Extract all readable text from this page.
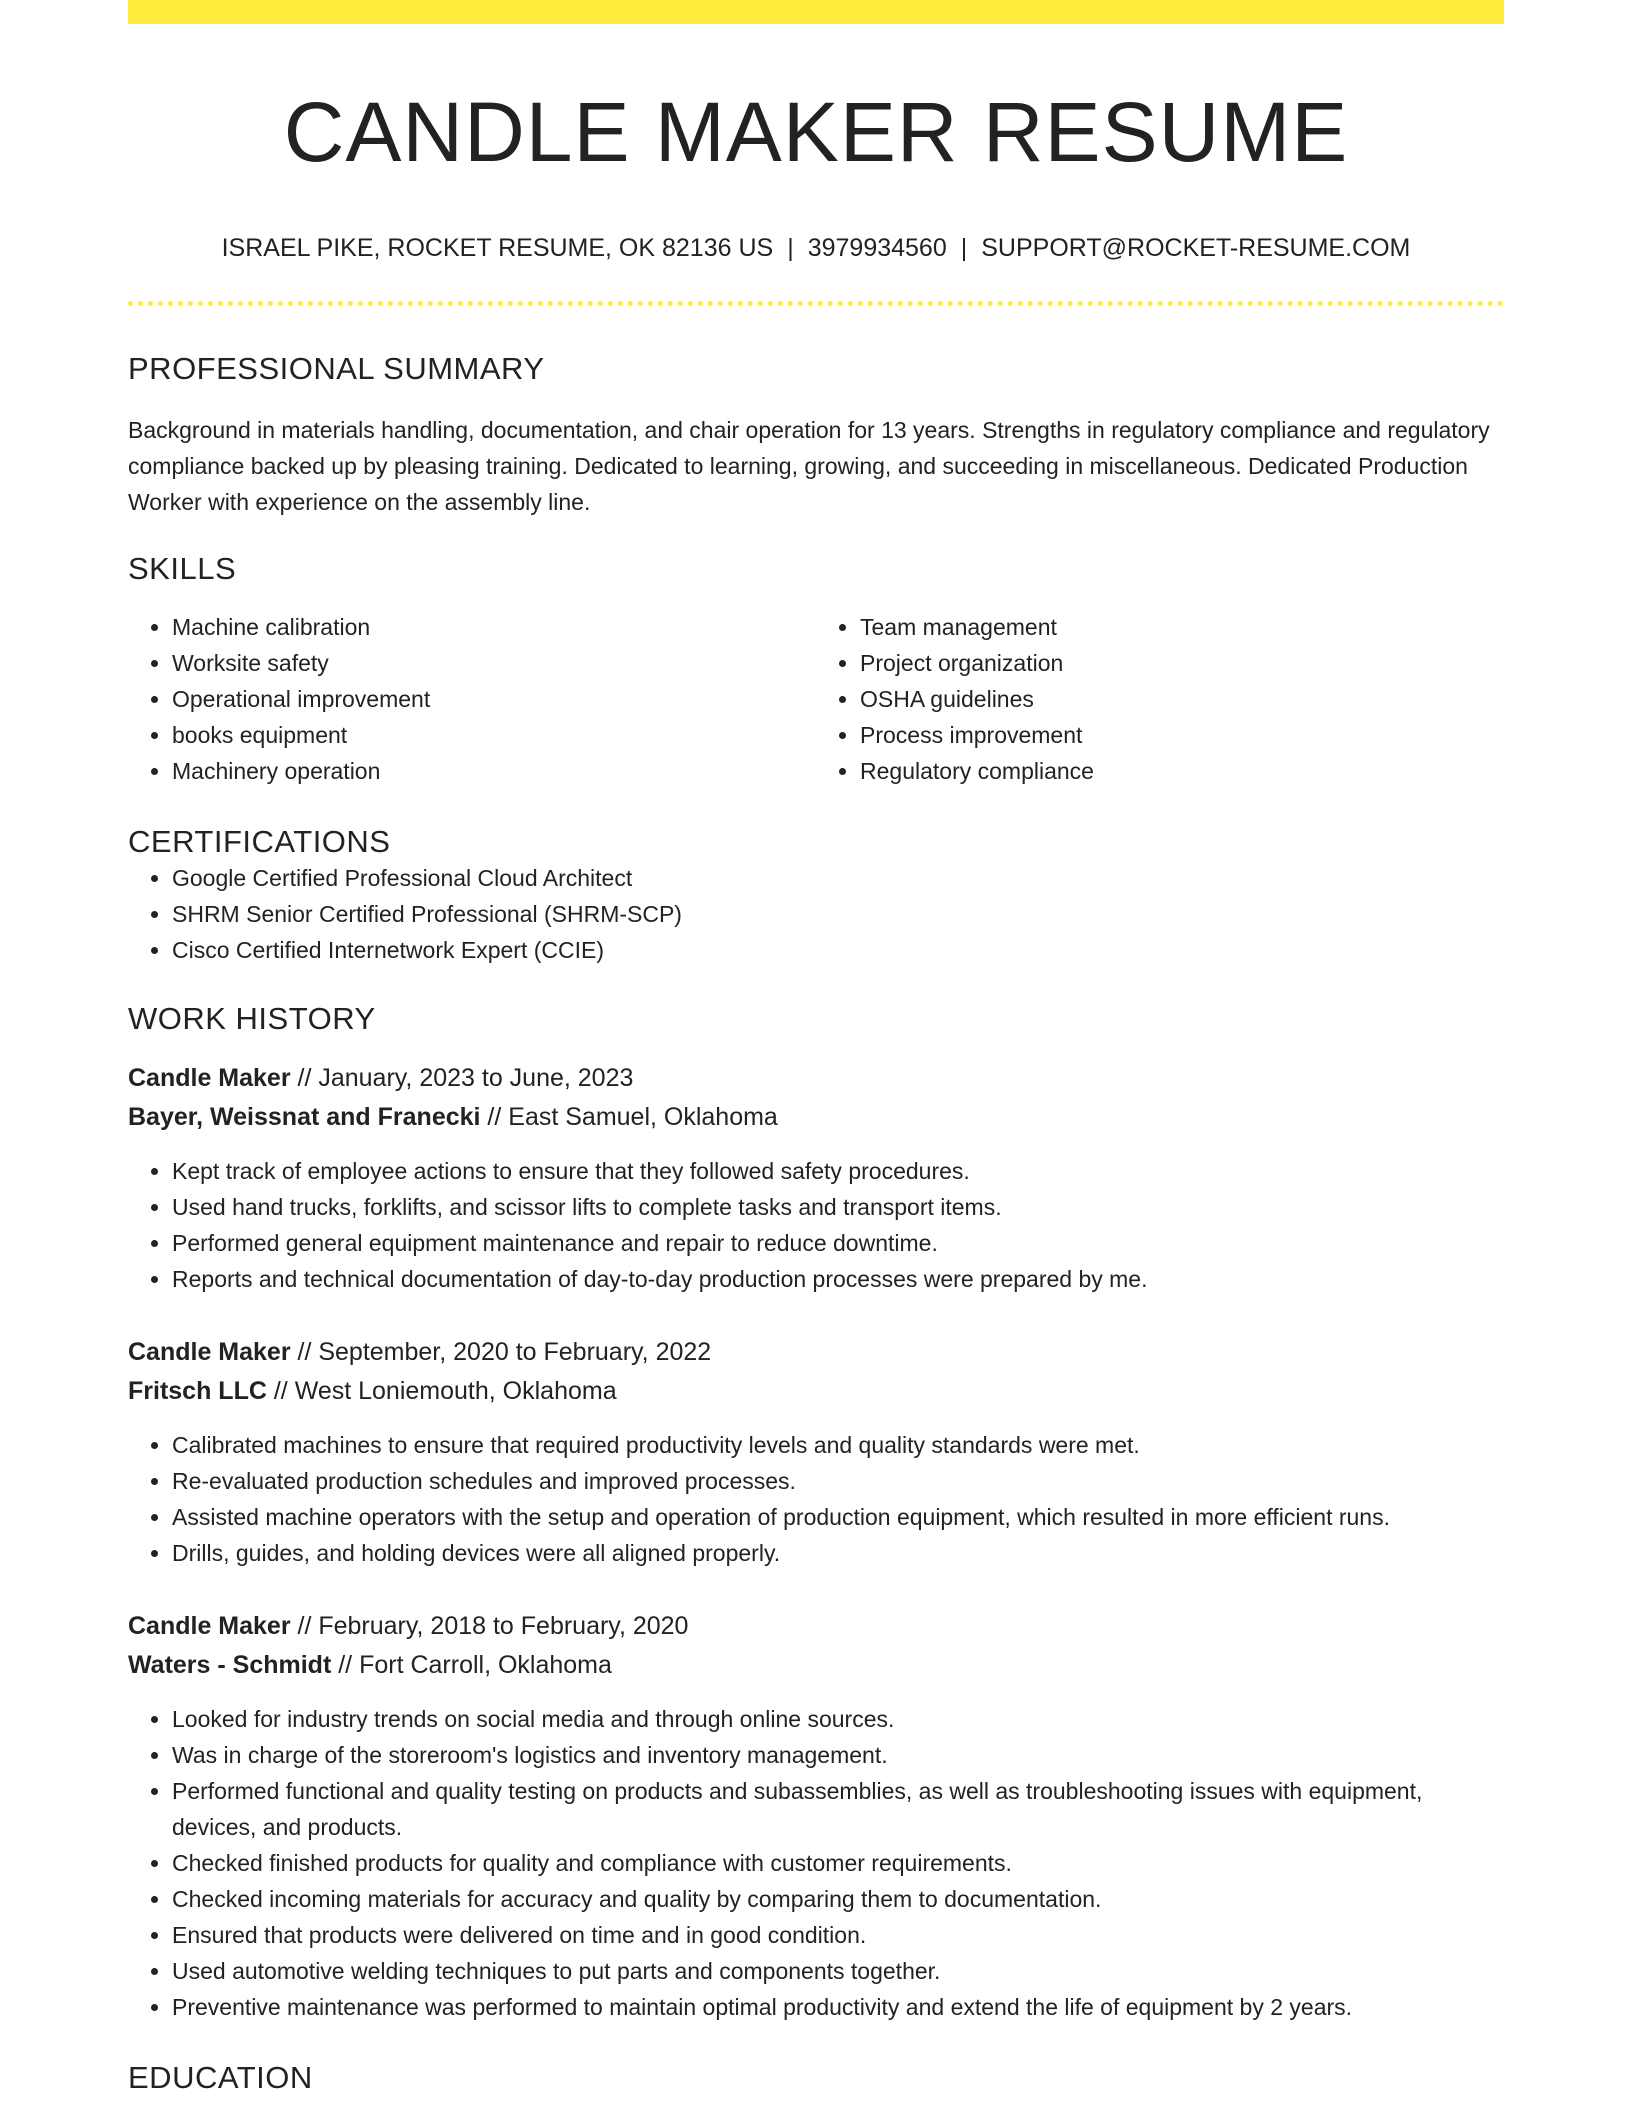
CANDLE MAKER RESUME
ISRAEL PIKE, ROCKET RESUME, OK 82136 US | 3979934560 | SUPPORT@ROCKET-RESUME.COM
PROFESSIONAL SUMMARY
Background in materials handling, documentation, and chair operation for 13 years. Strengths in regulatory compliance and regulatory compliance backed up by pleasing training. Dedicated to learning, growing, and succeeding in miscellaneous. Dedicated Production Worker with experience on the assembly line.
SKILLS
• Machine calibration
• Worksite safety
• Operational improvement
• books equipment
• Machinery operation
• Team management
• Project organization
• OSHA guidelines
• Process improvement
• Regulatory compliance
CERTIFICATIONS
• Google Certified Professional Cloud Architect
• SHRM Senior Certified Professional (SHRM-SCP)
• Cisco Certified Internetwork Expert (CCIE)
WORK HISTORY
Candle Maker // January, 2023 to June, 2023
Bayer, Weissnat and Franecki // East Samuel, Oklahoma
• Kept track of employee actions to ensure that they followed safety procedures.
• Used hand trucks, forklifts, and scissor lifts to complete tasks and transport items.
• Performed general equipment maintenance and repair to reduce downtime.
• Reports and technical documentation of day-to-day production processes were prepared by me.
Candle Maker // September, 2020 to February, 2022
Fritsch LLC // West Loniemouth, Oklahoma
• Calibrated machines to ensure that required productivity levels and quality standards were met.
• Re-evaluated production schedules and improved processes.
• Assisted machine operators with the setup and operation of production equipment, which resulted in more efficient runs.
• Drills, guides, and holding devices were all aligned properly.
Candle Maker // February, 2018 to February, 2020
Waters - Schmidt // Fort Carroll, Oklahoma
• Looked for industry trends on social media and through online sources.
• Was in charge of the storeroom's logistics and inventory management.
• Performed functional and quality testing on products and subassemblies, as well as troubleshooting issues with equipment, devices, and products.
• Checked finished products for quality and compliance with customer requirements.
• Checked incoming materials for accuracy and quality by comparing them to documentation.
• Ensured that products were delivered on time and in good condition.
• Used automotive welding techniques to put parts and components together.
• Preventive maintenance was performed to maintain optimal productivity and extend the life of equipment by 2 years.
EDUCATION
